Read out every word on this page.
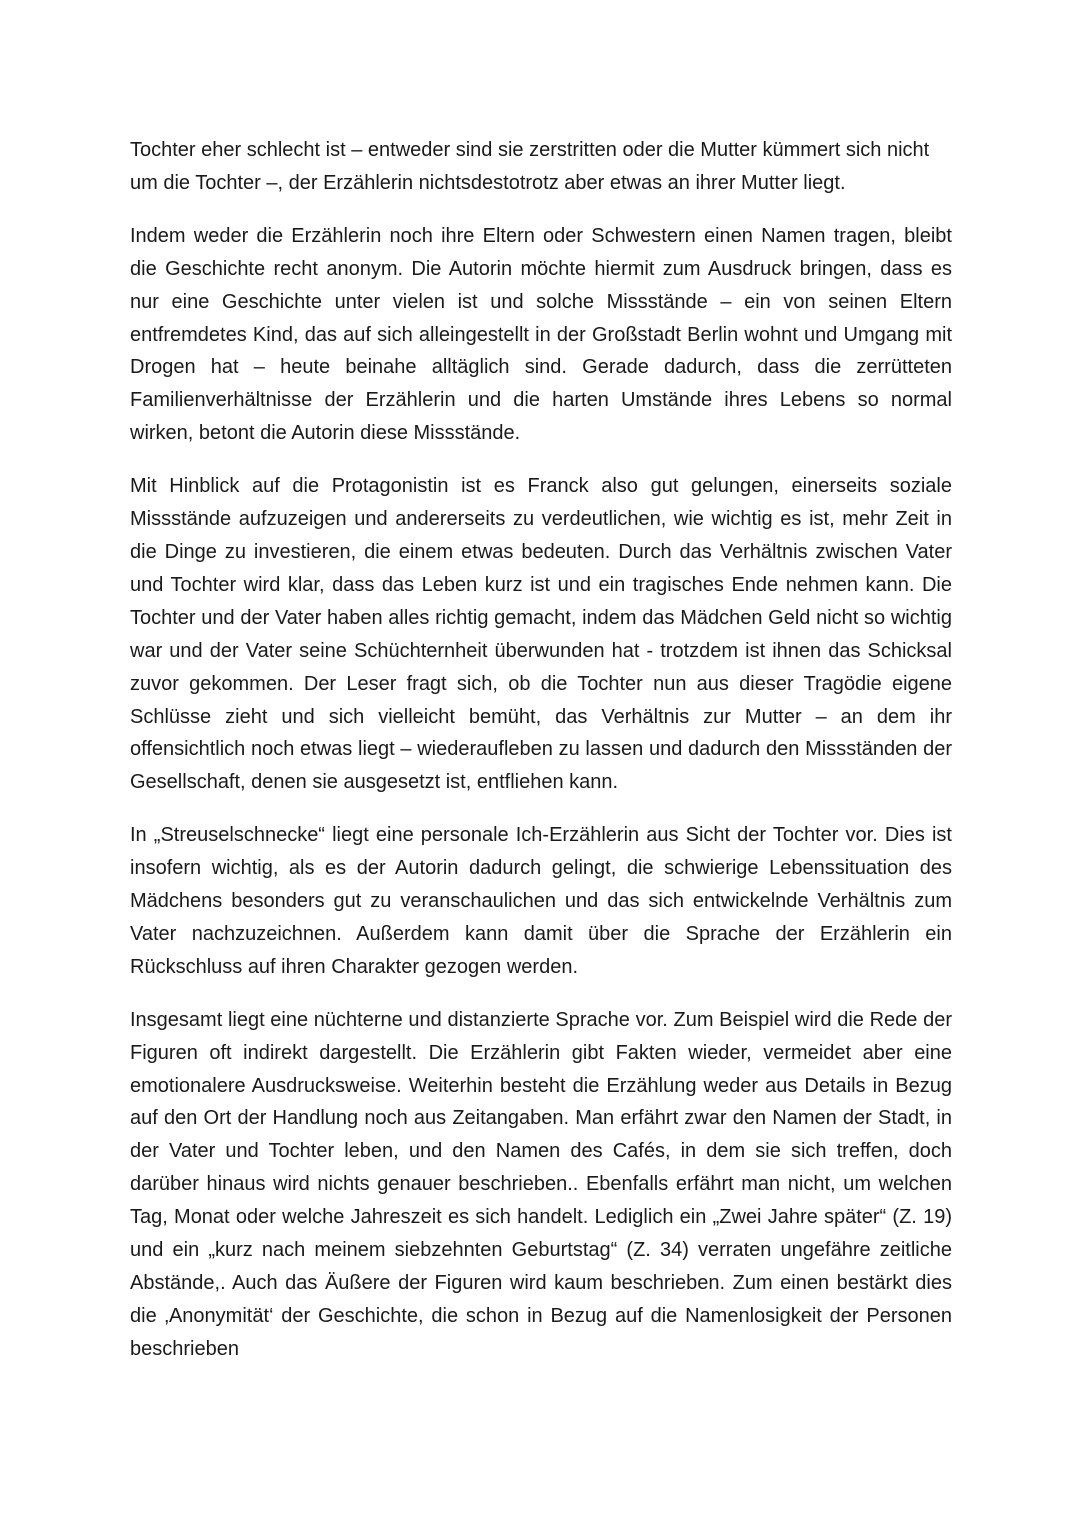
Tochter eher schlecht ist – entweder sind sie zerstritten oder die Mutter kümmert sich nicht um die Tochter –, der Erzählerin nichtsdestotrotz aber etwas an ihrer Mutter liegt.

Indem weder die Erzählerin noch ihre Eltern oder Schwestern einen Namen tragen, bleibt die Geschichte recht anonym. Die Autorin möchte hiermit zum Ausdruck bringen, dass es nur eine Geschichte unter vielen ist und solche Missstände – ein von seinen Eltern entfremdetes Kind, das auf sich alleingestellt in der Großstadt Berlin wohnt und Umgang mit Drogen hat – heute beinahe alltäglich sind. Gerade dadurch, dass die zerrütteten Familienverhältnisse der Erzählerin und die harten Umstände ihres Lebens so normal wirken, betont die Autorin diese Missstände.

Mit Hinblick auf die Protagonistin ist es Franck also gut gelungen, einerseits soziale Missstände aufzuzeigen und andererseits zu verdeutlichen, wie wichtig es ist, mehr Zeit in die Dinge zu investieren, die einem etwas bedeuten. Durch das Verhältnis zwischen Vater und Tochter wird klar, dass das Leben kurz ist und ein tragisches Ende nehmen kann. Die Tochter und der Vater haben alles richtig gemacht, indem das Mädchen Geld nicht so wichtig war und der Vater seine Schüchternheit überwunden hat - trotzdem ist ihnen das Schicksal zuvor gekommen. Der Leser fragt sich, ob die Tochter nun aus dieser Tragödie eigene Schlüsse zieht und sich vielleicht bemüht, das Verhältnis zur Mutter – an dem ihr offensichtlich noch etwas liegt – wiederaufleben zu lassen und dadurch den Missständen der Gesellschaft, denen sie ausgesetzt ist, entfliehen kann.

In „Streuselschnecke“ liegt eine personale Ich-Erzählerin aus Sicht der Tochter vor. Dies ist insofern wichtig, als es der Autorin dadurch gelingt, die schwierige Lebenssituation des Mädchens besonders gut zu veranschaulichen und das sich entwickelnde Verhältnis zum Vater nachzuzeichnen. Außerdem kann damit über die Sprache der Erzählerin ein Rückschluss auf ihren Charakter gezogen werden.

Insgesamt liegt eine nüchterne und distanzierte Sprache vor. Zum Beispiel wird die Rede der Figuren oft indirekt dargestellt. Die Erzählerin gibt Fakten wieder, vermeidet aber eine emotionalere Ausdrucksweise. Weiterhin besteht die Erzählung weder aus Details in Bezug auf den Ort der Handlung noch aus Zeitangaben. Man erfährt zwar den Namen der Stadt, in der Vater und Tochter leben, und den Namen des Cafés, in dem sie sich treffen, doch darüber hinaus wird nichts genauer beschrieben.. Ebenfalls erfährt man nicht, um welchen Tag, Monat oder welche Jahreszeit es sich handelt. Lediglich ein „Zwei Jahre später“ (Z. 19) und ein „kurz nach meinem siebzehnten Geburtstag“ (Z. 34) verraten ungefähre zeitliche Abstände,. Auch das Äußere der Figuren wird kaum beschrieben. Zum einen bestärkt dies die ‚Anonymität‘ der Geschichte, die schon in Bezug auf die Namenlosigkeit der Personen beschrieben
